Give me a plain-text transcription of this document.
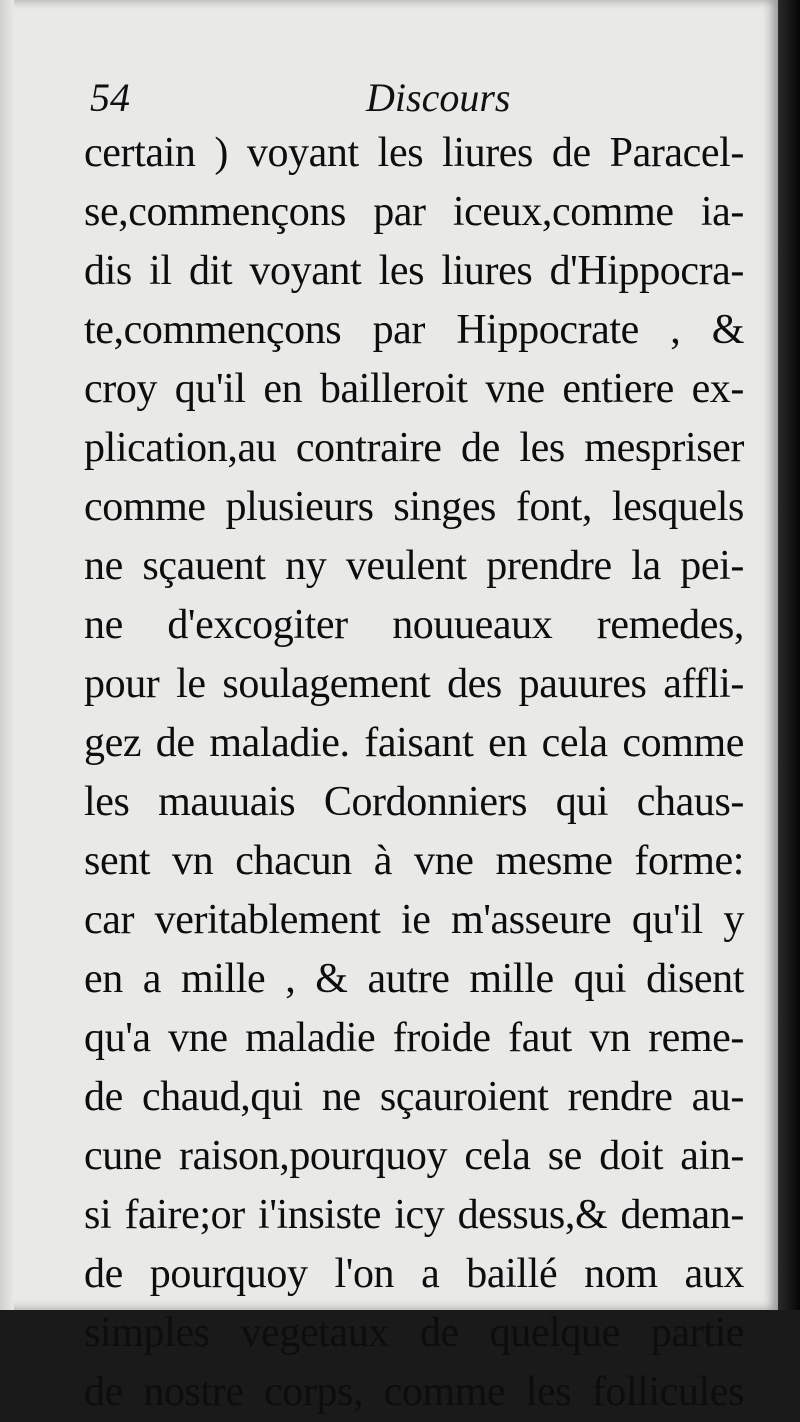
54	Discours
certain ) voyant les liures de Paracel-
se,commençons par iceux,comme ia-
dis il dit voyant les liures d'Hippocra-
te,commençons par Hippocrate , &
croy qu'il en bailleroit vne entiere ex-
plication,au contraire de les mespriser
comme plusieurs singes font, lesquels
ne sçauent ny veulent prendre la pei-
ne d'excogiter nouueaux remedes,
pour le soulagement des pauures affli-
gez de maladie. faisant en cela comme
les mauuais Cordonniers qui chaus-
sent vn chacun à vne mesme forme:
car veritablement ie m'asseure qu'il y
en a mille , & autre mille qui disent
qu'a vne maladie froide faut vn reme-
de chaud,qui ne sçauroient rendre au-
cune raison,pourquoy cela se doit ain-
si faire;or i'insiste icy dessus,& deman-
de pourquoy l'on a baillé nom aux
simples vegetaux de quelque partie
de nostre corps, comme les follicules
